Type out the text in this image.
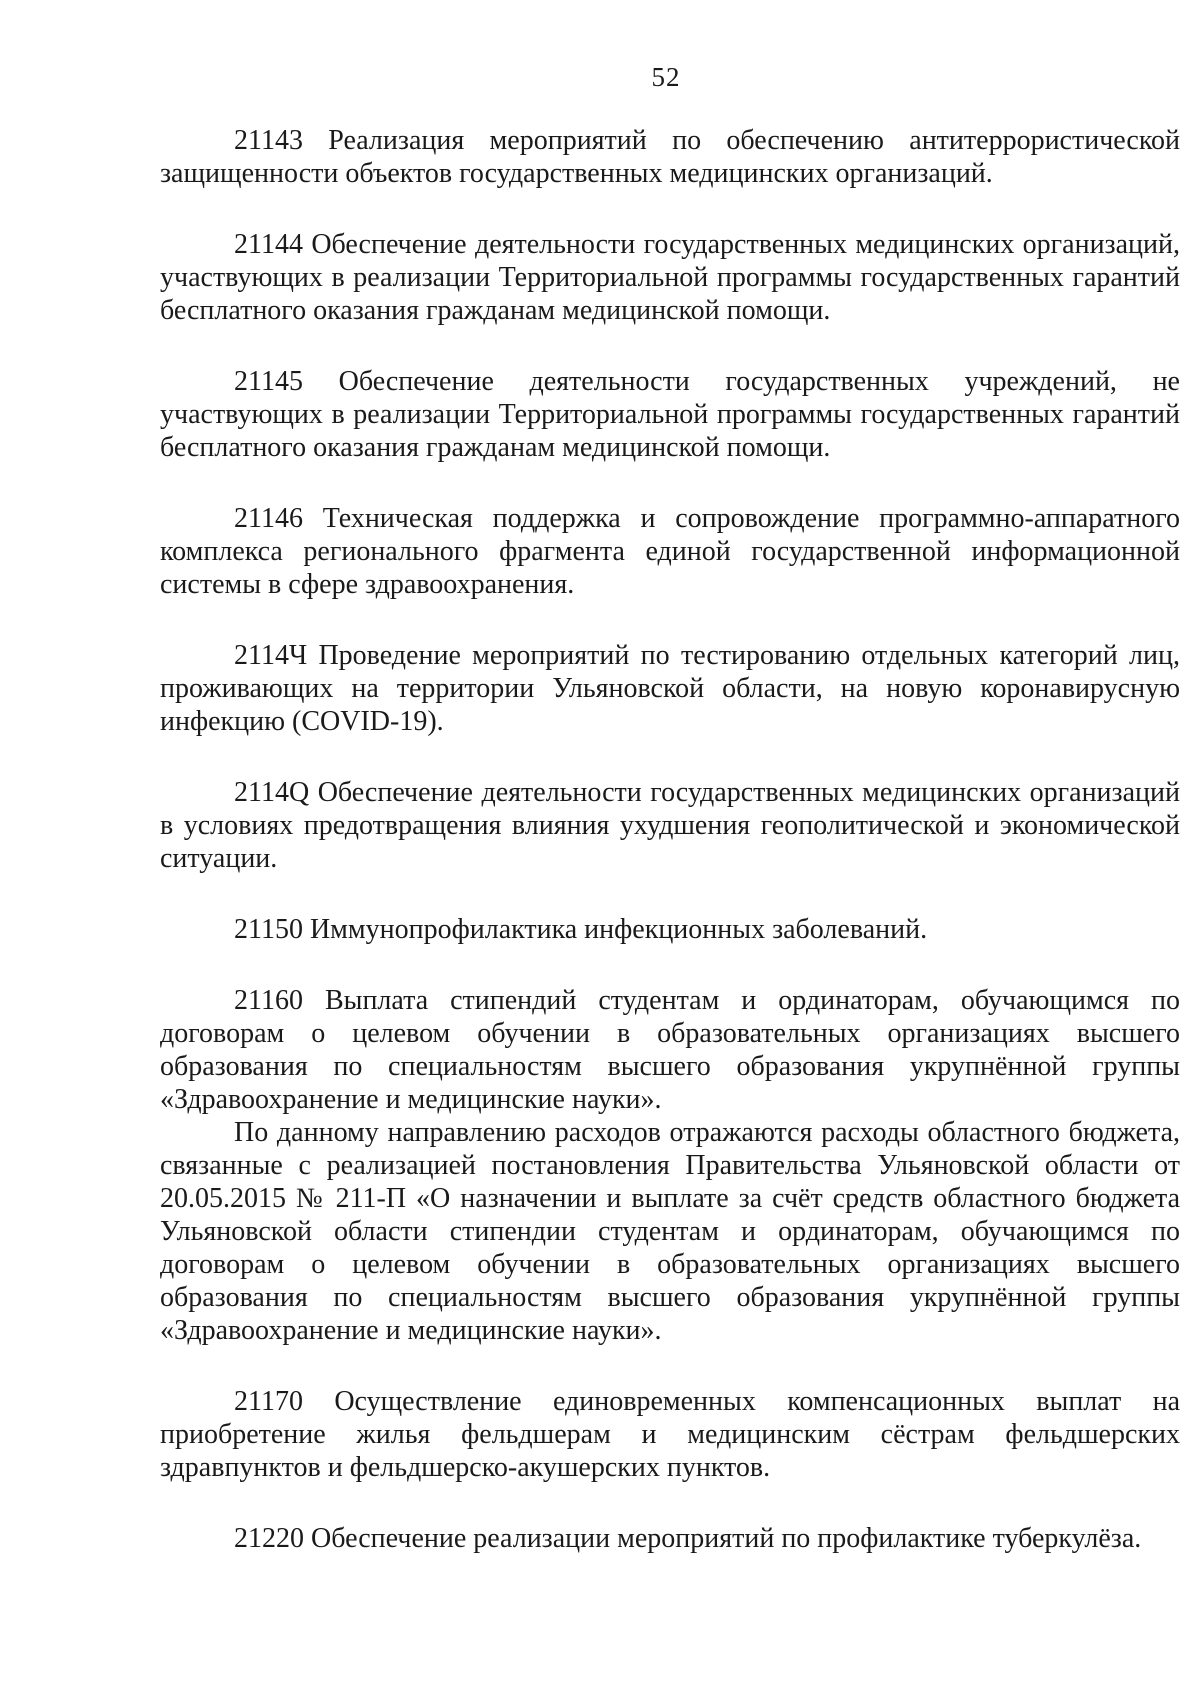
52

21143 Реализация мероприятий по обеспечению антитеррористической защищенности объектов государственных медицинских организаций.

21144 Обеспечение деятельности государственных медицинских организаций, участвующих в реализации Территориальной программы государственных гарантий бесплатного оказания гражданам медицинской помощи.

21145 Обеспечение деятельности государственных учреждений, не участвующих в реализации Территориальной программы государственных гарантий бесплатного оказания гражданам медицинской помощи.

21146 Техническая поддержка и сопровождение программно-аппаратного комплекса регионального фрагмента единой государственной информационной системы в сфере здравоохранения.

2114Ч Проведение мероприятий по тестированию отдельных категорий лиц, проживающих на территории Ульяновской области, на новую коронавирусную инфекцию (COVID-19).

2114Q Обеспечение деятельности государственных медицинских организаций в условиях предотвращения влияния ухудшения геополитической и экономической ситуации.

21150 Иммунопрофилактика инфекционных заболеваний.

21160 Выплата стипендий студентам и ординаторам, обучающимся по договорам о целевом обучении в образовательных организациях высшего образования по специальностям высшего образования укрупнённой группы «Здравоохранение и медицинские науки».

По данному направлению расходов отражаются расходы областного бюджета, связанные с реализацией постановления Правительства Ульяновской области от 20.05.2015 № 211-П «О назначении и выплате за счёт средств областного бюджета Ульяновской области стипендии студентам и ординаторам, обучающимся по договорам о целевом обучении в образовательных организациях высшего образования по специальностям высшего образования укрупнённой группы «Здравоохранение и медицинские науки».

21170 Осуществление единовременных компенсационных выплат на приобретение жилья фельдшерам и медицинским сёстрам фельдшерских здравпунктов и фельдшерско-акушерских пунктов.

21220 Обеспечение реализации мероприятий по профилактике туберкулёза.
